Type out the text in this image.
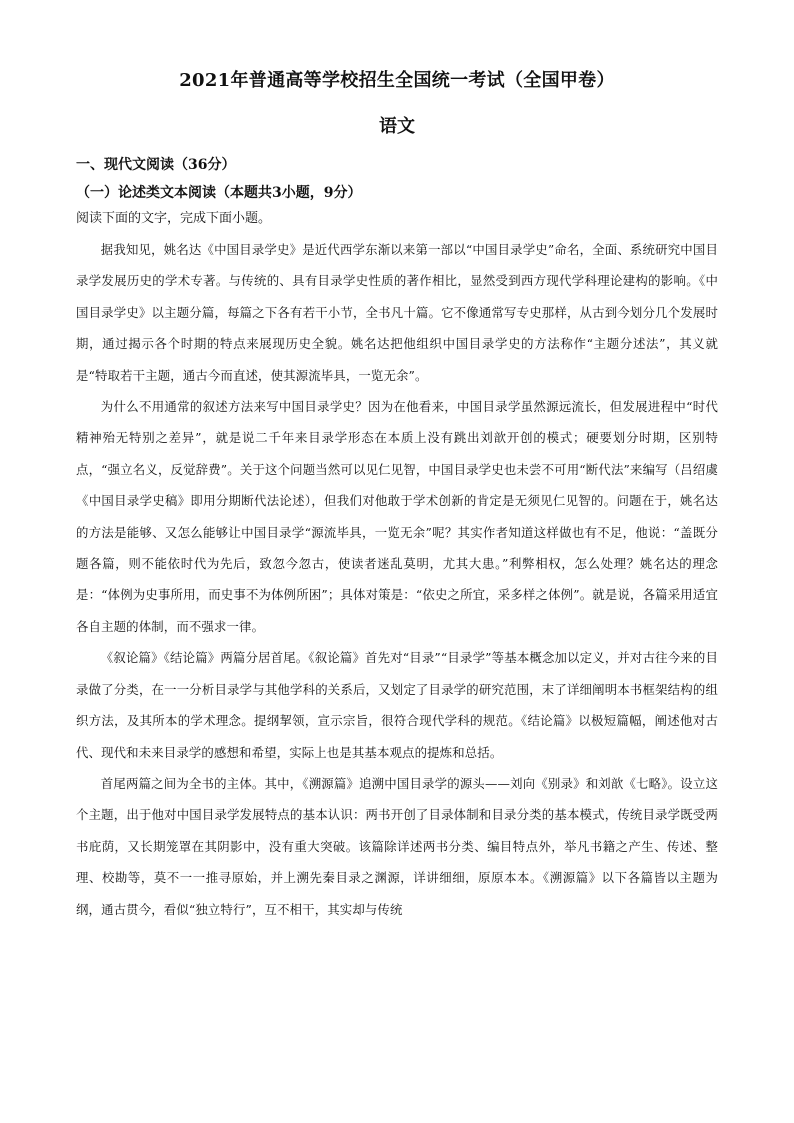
2021年普通高等学校招生全国统一考试（全国甲卷）
语文
一、现代文阅读（36分）
（一）论述类文本阅读（本题共3小题，9分）
阅读下面的文字，完成下面小题。

据我知见，姚名达《中国目录学史》是近代西学东渐以来第一部以“中国目录学史”命名，全面、系统研究中国目录学发展历史的学术专著。与传统的、具有目录学史性质的著作相比，显然受到西方现代学科理论建构的影响。《中国目录学史》以主题分篇，每篇之下各有若干小节，全书凡十篇。它不像通常写专史那样，从古到今划分几个发展时期，通过揭示各个时期的特点来展现历史全貌。姚名达把他组织中国目录学史的方法称作“主题分述法”，其义就是“特取若干主题，通古今而直述，使其源流毕具，一览无余”。

为什么不用通常的叙述方法来写中国目录学史？因为在他看来，中国目录学虽然源远流长，但发展进程中“时代精神殆无特别之差异”，就是说二千年来目录学形态在本质上没有跳出刘歆开创的模式；硬要划分时期，区别特点，“强立名义，反觉辞费”。关于这个问题当然可以见仁见智，中国目录学史也未尝不可用“断代法”来编写（吕绍虞《中国目录学史稿》即用分期断代法论述），但我们对他敢于学术创新的肯定是无须见仁见智的。问题在于，姚名达的方法是能够、又怎么能够让中国目录学“源流毕具，一览无余”呢？其实作者知道这样做也有不足，他说：“盖既分题各篇，则不能依时代为先后，致忽今忽古，使读者迷乱莫明，尤其大患。”利弊相权，怎么处理？姚名达的理念是：“体例为史事所用，而史事不为体例所困”；具体对策是：“依史之所宜，采多样之体例”。就是说，各篇采用适宜各自主题的体制，而不强求一律。

《叙论篇》《结论篇》两篇分居首尾。《叙论篇》首先对“目录”“目录学”等基本概念加以定义，并对古往今来的目录做了分类，在一一分析目录学与其他学科的关系后，又划定了目录学的研究范围，末了详细阐明本书框架结构的组织方法，及其所本的学术理念。提纲挈领，宣示宗旨，很符合现代学科的规范。《结论篇》以极短篇幅，阐述他对古代、现代和未来目录学的感想和希望，实际上也是其基本观点的提炼和总括。

首尾两篇之间为全书的主体。其中，《溯源篇》追溯中国目录学的源头——刘向《别录》和刘歆《七略》。设立这个主题，出于他对中国目录学发展特点的基本认识：两书开创了目录体制和目录分类的基本模式，传统目录学既受两书庇荫，又长期笼罩在其阴影中，没有重大突破。该篇除详述两书分类、编目特点外，举凡书籍之产生、传述、整理、校勘等，莫不一一推寻原始，并上溯先秦目录之渊源，详讲细细，原原本本。《溯源篇》以下各篇皆以主题为纲，通古贯今，看似“独立特行”，互不相干，其实却与传统
